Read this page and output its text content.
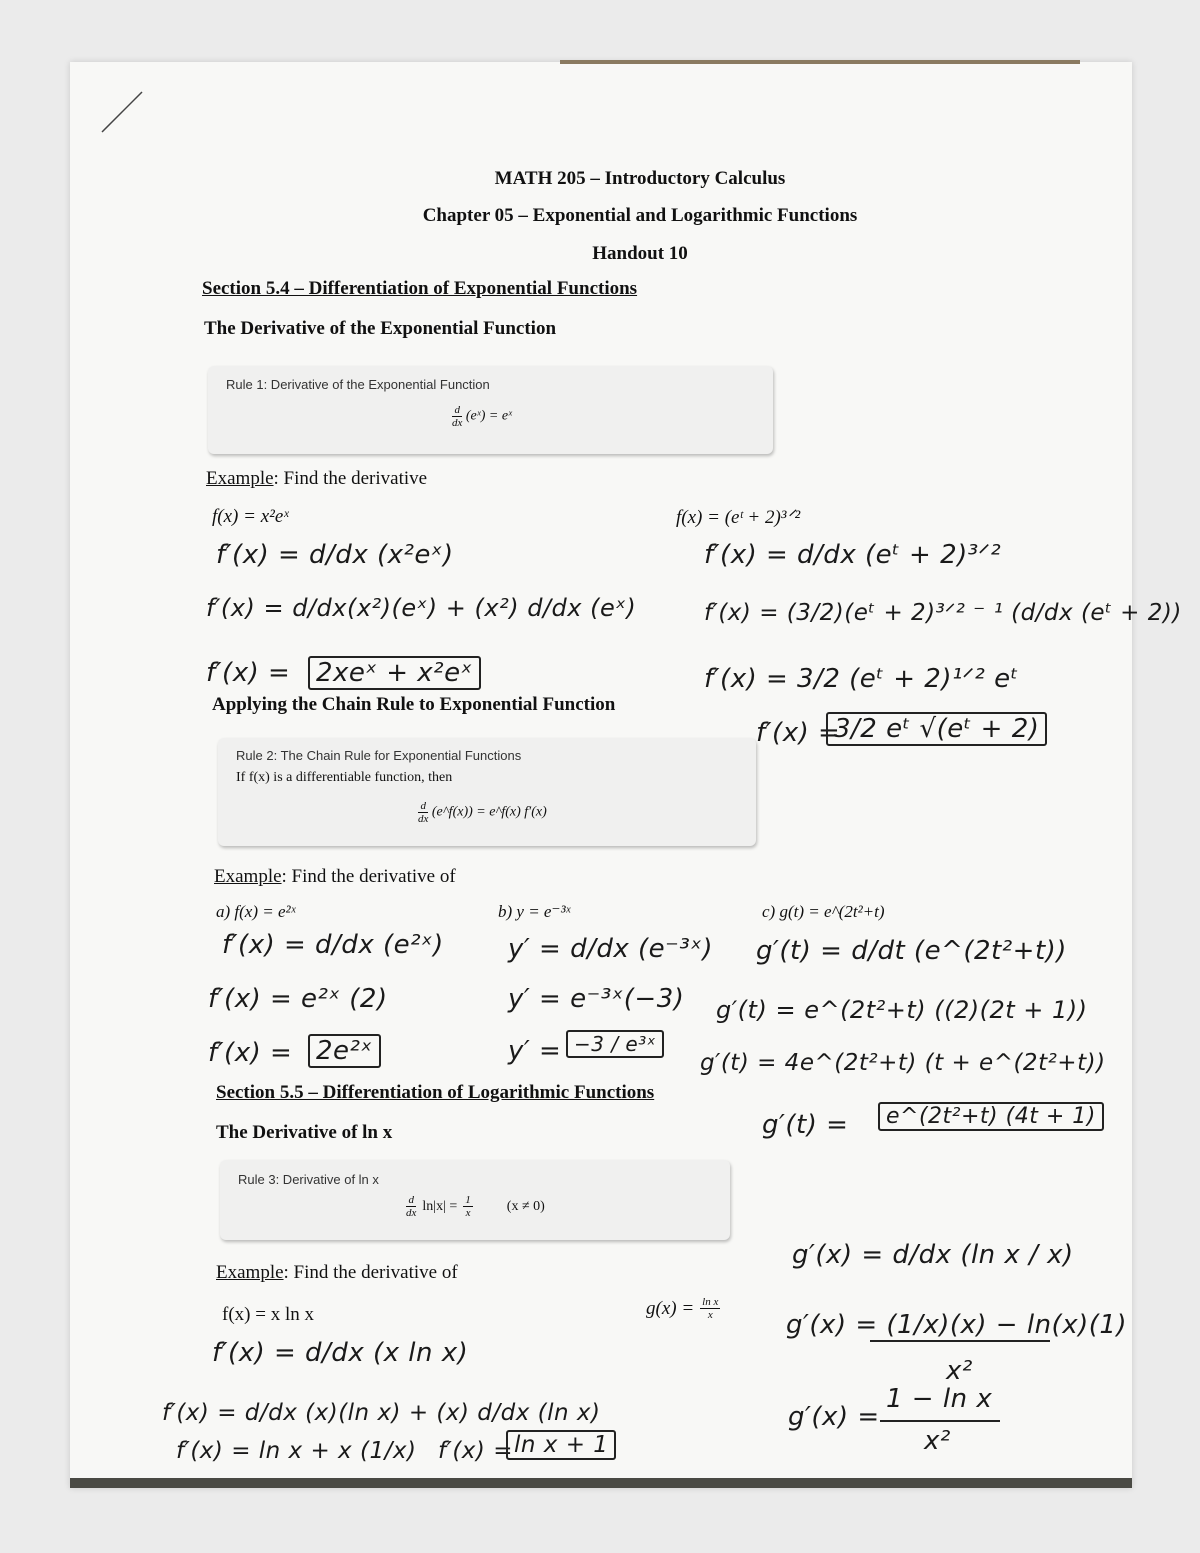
MATH 205 – Introductory Calculus
Chapter 05 – Exponential and Logarithmic Functions
Handout 10
Section 5.4 – Differentiation of Exponential Functions
The Derivative of the Exponential Function
Rule 1: Derivative of the Exponential Function
$\frac{d}{dx}$ (eˣ) = eˣ
Example: Find the derivative
f(x) = x²eˣ
f′(x) = d/dx (x²eˣ)
f′(x) = d/dx(x²)(eˣ) + (x²) d/dx (eˣ)
f′(x) = 2xeˣ + x²eˣ
f(x) = (eᵗ + 2)³ᐟ²
f′(x) = d/dx (eᵗ + 2)³ᐟ²
f′(x) = (3/2)(eᵗ + 2)³ᐟ² ⁻ ¹ (d/dx (eᵗ + 2))
f′(x) = 3/2 (eᵗ + 2)¹ᐟ² eᵗ
f′(x) =
3/2 eᵗ √(eᵗ + 2)
Applying the Chain Rule to Exponential Function
Rule 2: The Chain Rule for Exponential Functions
If f(x) is a differentiable function, then
$\frac{d}{dx}$ (e^f(x)) = e^f(x) f′(x)
Example: Find the derivative of
a) f(x) = e²ˣ
f′(x) = d/dx (e²ˣ)
f′(x) = e²ˣ (2)
f′(x) = 2e²ˣ
b) y = e⁻³ˣ
y′ = d/dx (e⁻³ˣ)
y′ = e⁻³ˣ(−3)
y′ = −3 / e³ˣ
c) g(t) = e^(2t²+t)
g′(t) = d/dt (e^(2t²+t))
g′(t) = e^(2t²+t) ((2)(2t + 1))
g′(t) = 4e^(2t²+t) (t + e^(2t²+t))
g′(t) =	e^(2t²+t) (4t + 1)
Section 5.5 – Differentiation of Logarithmic Functions
The Derivative of ln x
Rule 3: Derivative of ln x
$\frac{d}{dx} \ln|x| = \frac{1}{x} (x \ne 0)$
Example: Find the derivative of
f(x) = x ln x
f′(x) = d/dx (x ln x)
f′(x) = d/dx (x)(ln x) + (x) d/dx (ln x)
f′(x) = ln x + x (1/x) f′(x) = ln x + 1
$g(x) = \frac{\text{ln x}}{x}$
g′(x) = d/dx (ln x / x)
g′(x) = (1/x)(x) − ln(x)(1)
x²
g′(x) =
1 − ln x
x²
